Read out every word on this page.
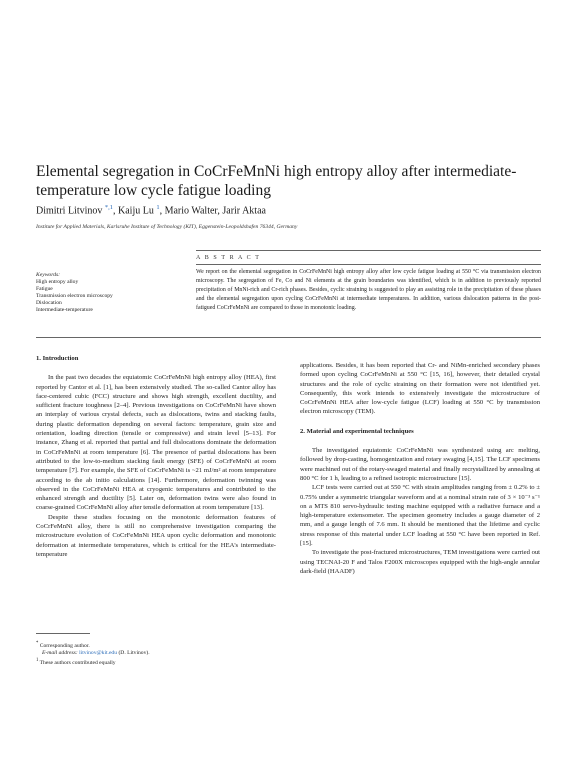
Elemental segregation in CoCrFeMnNi high entropy alloy after intermediate-temperature low cycle fatigue loading
Dimitri Litvinov $^{*,1}$, Kaiju Lu $^1$, Mario Walter, Jarir Aktaa
Institute for Applied Materials, Karlsruhe Institute of Technology (KIT), Eggenstein-Leopoldshafen 76344, Germany
A B S T R A C T
Keywords:
High entropy alloy
Fatigue
Transmission electron microscopy
Dislocation
Intermediate-temperature
We report on the elemental segregation in CoCrFeMnNi high entropy alloy after low cycle fatigue loading at 550 °C via transmission electron microscopy. The segregation of Fe, Co and Ni elements at the grain boundaries was identified, which is in addition to previously reported precipitation of MnNi-rich and Cr-rich phases. Besides, cyclic straining is suggested to play an assisting role in the precipitation of these phases and the elemental segregation upon cycling CoCrFeMnNi at intermediate temperatures. In addition, various dislocation patterns in the post-fatigued CoCrFeMnNi are compared to those in monotonic loading.
1. Introduction

In the past two decades the equiatomic CoCrFeMnNi high entropy alloy (HEA), first reported by Cantor et al. [1], has been extensively studied. The so-called Cantor alloy has face-centered cubic (FCC) structure and shows high strength, excellent ductility, and sufficient fracture toughness [2–4]. Previous investigations on CoCrFeMnNi have shown an interplay of various crystal defects, such as dislocations, twins and stacking faults, during plastic deformation depending on several factors: temperature, grain size and orientation, loading direction (tensile or compressive) and strain level [5–13]. For instance, Zhang et al. reported that partial and full dislocations dominate the deformation in CoCrFeMnNi at room temperature [6]. The presence of partial dislocations has been attributed to the low-to-medium stacking fault energy (SFE) of CoCrFeMnNi at room temperature [7]. For example, the SFE of CoCrFeMnNi is ~21 mJ/m² at room temperature according to the ab initio calculations [14]. Furthermore, deformation twinning was observed in the CoCrFeMnNi HEA at cryogenic temperatures and contributed to the enhanced strength and ductility [5]. Later on, deformation twins were also found in coarse-grained CoCrFeMnNi alloy after tensile deformation at room temperature [13].

Despite these studies focusing on the monotonic deformation features of CoCrFeMnNi alloy, there is still no comprehensive investigation comparing the microstructure evolution of CoCrFeMnNi HEA upon cyclic deformation and monotonic deformation at intermediate temperatures, which is critical for the HEA's intermediate-temperature

applications. Besides, it has been reported that Cr- and NiMn-enriched secondary phases formed upon cycling CoCrFeMnNi at 550 °C [15, 16], however, their detailed crystal structures and the role of cyclic straining on their formation were not identified yet. Consequently, this work intends to extensively investigate the microstructure of CoCrFeMnNi HEA after low-cycle fatigue (LCF) loading at 550 °C by transmission electron microscopy (TEM).

2. Material and experimental techniques

The investigated equiatomic CoCrFeMnNi was synthesized using arc melting, followed by drop-casting, homogenization and rotary swaging [4,15]. The LCF specimens were machined out of the rotary-swaged material and finally recrystallized by annealing at 800 °C for 1 h, leading to a refined isotropic microstructure [15].

LCF tests were carried out at 550 °C with strain amplitudes ranging from ± 0.2% to ± 0.75% under a symmetric triangular waveform and at a nominal strain rate of 3 × 10⁻³ s⁻¹ on a MTS 810 servo-hydraulic testing machine equipped with a radiative furnace and a high-temperature extensometer. The specimen geometry includes a gauge diameter of 2 mm, and a gauge length of 7.6 mm. It should be mentioned that the lifetime and cyclic stress response of this material under LCF loading at 550 °C have been reported in Ref. [15].

To investigate the post-fractured microstructures, TEM investigations were carried out using TECNAI-20 F and Talos F200X microscopes equipped with the high-angle annular dark-field (HAADF)

* Corresponding author.
E-mail address: litvinov@kit.edu (D. Litvinov).
$^1$ These authors contributed equally
